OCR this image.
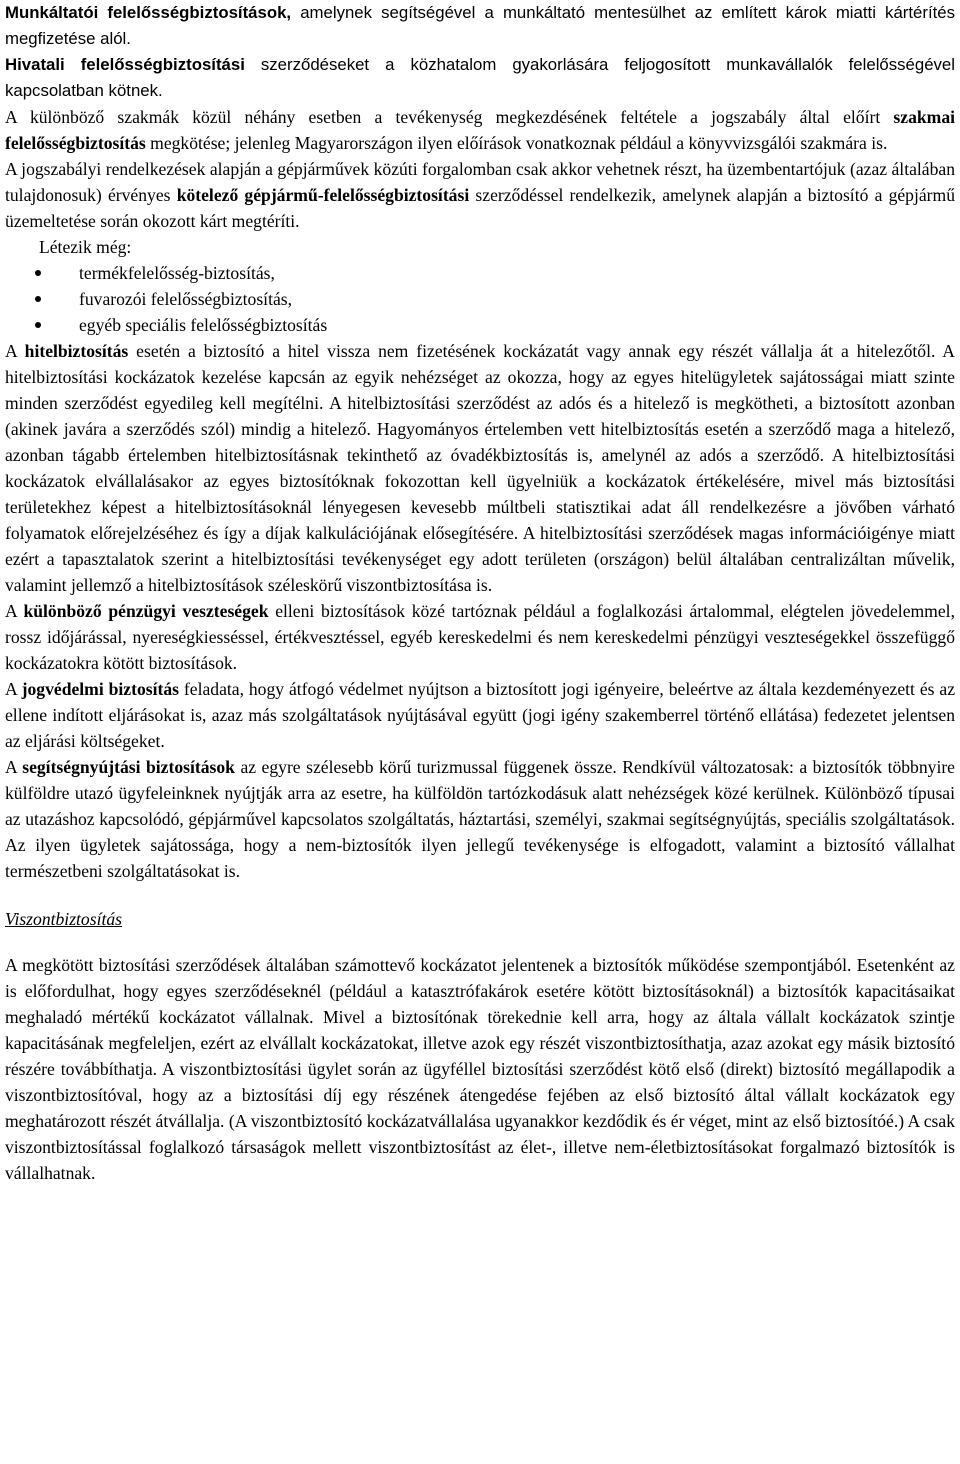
Munkáltatói felelősségbiztosítások, amelynek segítségével a munkáltató mentesülhet az említett károk miatti kártérítés megfizetése alól.

Hivatali felelősségbiztosítási szerződéseket a közhatalom gyakorlására feljogosított munkavállalók felelősségével kapcsolatban kötnek.

A különböző szakmák közül néhány esetben a tevékenység megkezdésének feltétele a jogszabály által előírt szakmai felelősségbiztosítás megkötése; jelenleg Magyarországon ilyen előírások vonatkoznak például a könyvvizsgálói szakmára is.

A jogszabályi rendelkezések alapján a gépjárművek közúti forgalomban csak akkor vehetnek részt, ha üzembentartójuk (azaz általában tulajdonosuk) érvényes kötelező gépjármű-felelősségbiztosítási szerződéssel rendelkezik, amelynek alapján a biztosító a gépjármű üzemeltetése során okozott kárt megtéríti.

Létezik még:

termékfelelősség-biztosítás,
fuvarozói felelősségbiztosítás,
egyéb speciális felelősségbiztosítás

A hitelbiztosítás esetén a biztosító a hitel vissza nem fizetésének kockázatát vagy annak egy részét vállalja át a hitelezőtől. A hitelbiztosítási kockázatok kezelése kapcsán az egyik nehézséget az okozza, hogy az egyes hitelügyletek sajátosságai miatt szinte minden szerződést egyedileg kell megítélni. A hitelbiztosítási szerződést az adós és a hitelező is megkötheti, a biztosított azonban (akinek javára a szerződés szól) mindig a hitelező. Hagyományos értelemben vett hitelbiztosítás esetén a szerződő maga a hitelező, azonban tágabb értelemben hitelbiztosításnak tekinthető az óvadékbiztosítás is, amelynél az adós a szerződő. A hitelbiztosítási kockázatok elvállalásakor az egyes biztosítóknak fokozottan kell ügyelniük a kockázatok értékelésére, mivel más biztosítási területekhez képest a hitelbiztosításoknál lényegesen kevesebb múltbeli statisztikai adat áll rendelkezésre a jövőben várható folyamatok előrejelzéséhez és így a díjak kalkulációjának elősegítésére. A hitelbiztosítási szerződések magas információigénye miatt ezért a tapasztalatok szerint a hitelbiztosítási tevékenységet egy adott területen (országon) belül általában centralizáltan művelik, valamint jellemző a hitelbiztosítások széleskörű viszontbiztosítása is.

A különböző pénzügyi veszteségek elleni biztosítások közé tartóznak például a foglalkozási ártalommal, elégtelen jövedelemmel, rossz időjárással, nyereségkiesséssel, értékvesztéssel, egyéb kereskedelmi és nem kereskedelmi pénzügyi veszteségekkel összefüggő kockázatokra kötött biztosítások.

A jogvédelmi biztosítás feladata, hogy átfogó védelmet nyújtson a biztosított jogi igényeire, beleértve az általa kezdeményezett és az ellene indított eljárásokat is, azaz más szolgáltatások nyújtásával együtt (jogi igény szakemberrel történő ellátása) fedezetet jelentsen az eljárási költségeket.

A segítségnyújtási biztosítások az egyre szélesebb körű turizmussal függenek össze. Rendkívül változatosak: a biztosítók többnyire külföldre utazó ügyfeleinknek nyújtják arra az esetre, ha külföldön tartózkodásuk alatt nehézségek közé kerülnek. Különböző típusai az utazáshoz kapcsolódó, gépjárművel kapcsolatos szolgáltatás, háztartási, személyi, szakmai segítségnyújtás, speciális szolgáltatások. Az ilyen ügyletek sajátossága, hogy a nem-biztosítók ilyen jellegű tevékenysége is elfogadott, valamint a biztosító vállalhat természetbeni szolgáltatásokat is.

Viszontbiztosítás

A megkötött biztosítási szerződések általában számottevő kockázatot jelentenek a biztosítók működése szempontjából. Esetenként az is előfordulhat, hogy egyes szerződéseknél (például a katasztrófakárok esetére kötött biztosításoknál) a biztosítók kapacitásaikat meghaladó mértékű kockázatot vállalnak. Mivel a biztosítónak törekednie kell arra, hogy az általa vállalt kockázatok szintje kapacitásának megfeleljen, ezért az elvállalt kockázatokat, illetve azok egy részét viszontbiztosíthatja, azaz azokat egy másik biztosító részére továbbíthatja. A viszontbiztosítási ügylet során az ügyféllel biztosítási szerződést kötő első (direkt) biztosító megállapodik a viszontbiztosítóval, hogy az a biztosítási díj egy részének átengedése fejében az első biztosító által vállalt kockázatok egy meghatározott részét átvállalja. (A viszontbiztosító kockázatvállalása ugyanakkor kezdődik és ér véget, mint az első biztosítóé.) A csak viszontbiztosítással foglalkozó társaságok mellett viszontbiztosítást az élet-, illetve nem-életbiztosításokat forgalmazó biztosítók is vállalhatnak.
